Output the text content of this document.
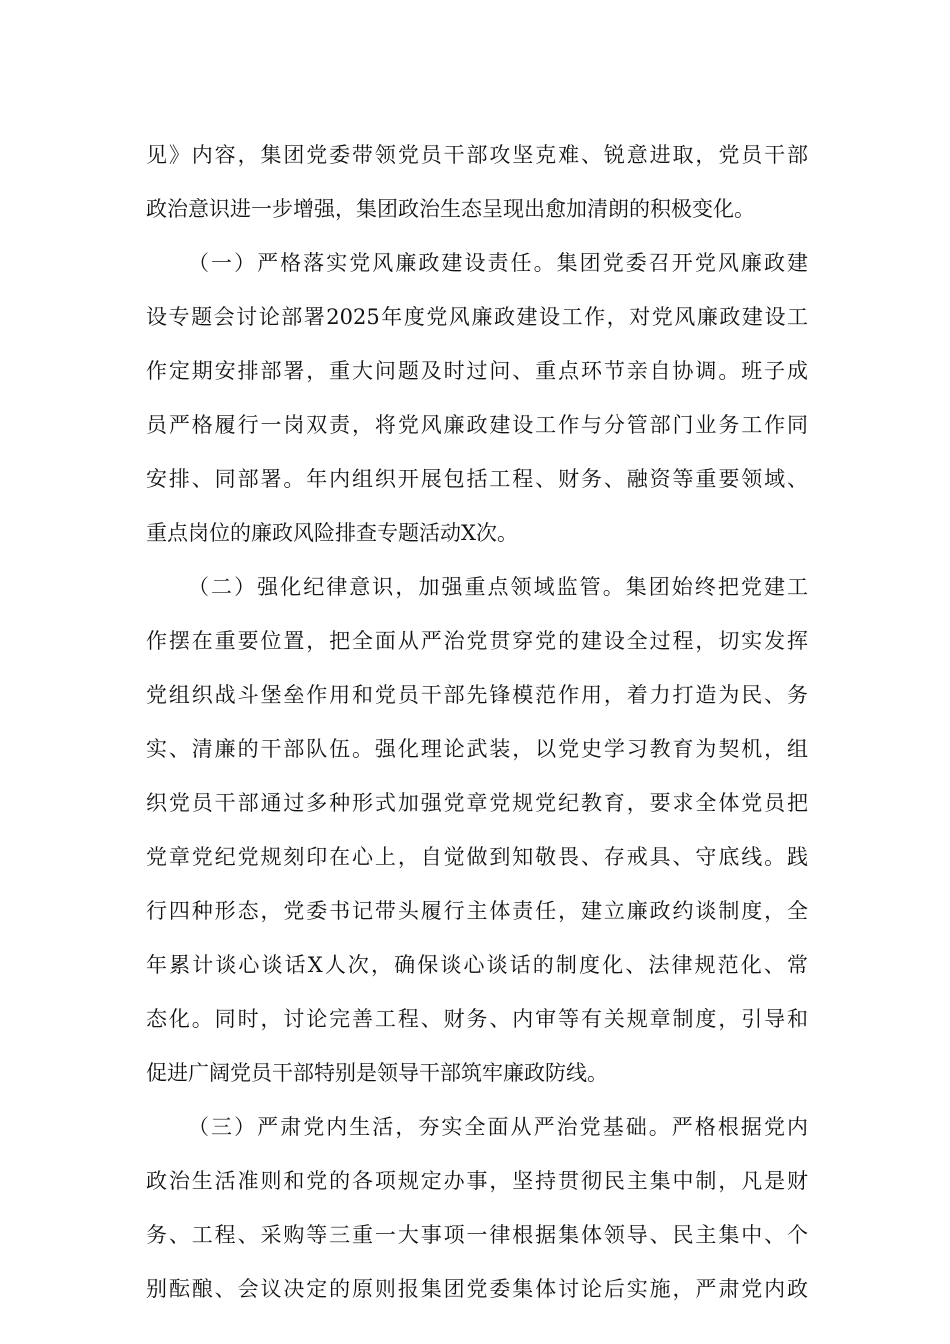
见》内容，集团党委带领党员干部攻坚克难、锐意进取，党员干部
政治意识进一步增强，集团政治生态呈现出愈加清朗的积极变化。
（一）严格落实党风廉政建设责任。集团党委召开党风廉政建
设专题会讨论部署2025年度党风廉政建设工作，对党风廉政建设工
作定期安排部署，重大问题及时过问、重点环节亲自协调。班子成
员严格履行一岗双责，将党风廉政建设工作与分管部门业务工作同
安排、同部署。年内组织开展包括工程、财务、融资等重要领域、
重点岗位的廉政风险排查专题活动X次。
（二）强化纪律意识，加强重点领域监管。集团始终把党建工
作摆在重要位置，把全面从严治党贯穿党的建设全过程，切实发挥
党组织战斗堡垒作用和党员干部先锋模范作用，着力打造为民、务
实、清廉的干部队伍。强化理论武装，以党史学习教育为契机，组
织党员干部通过多种形式加强党章党规党纪教育，要求全体党员把
党章党纪党规刻印在心上，自觉做到知敬畏、存戒具、守底线。践
行四种形态，党委书记带头履行主体责任，建立廉政约谈制度，全
年累计谈心谈话X人次，确保谈心谈话的制度化、法律规范化、常
态化。同时，讨论完善工程、财务、内审等有关规章制度，引导和
促进广阔党员干部特别是领导干部筑牢廉政防线。
（三）严肃党内生活，夯实全面从严治党基础。严格根据党内
政治生活准则和党的各项规定办事，坚持贯彻民主集中制，凡是财
务、工程、采购等三重一大事项一律根据集体领导、民主集中、个
别酝酿、会议决定的原则报集团党委集体讨论后实施，严肃党内政
